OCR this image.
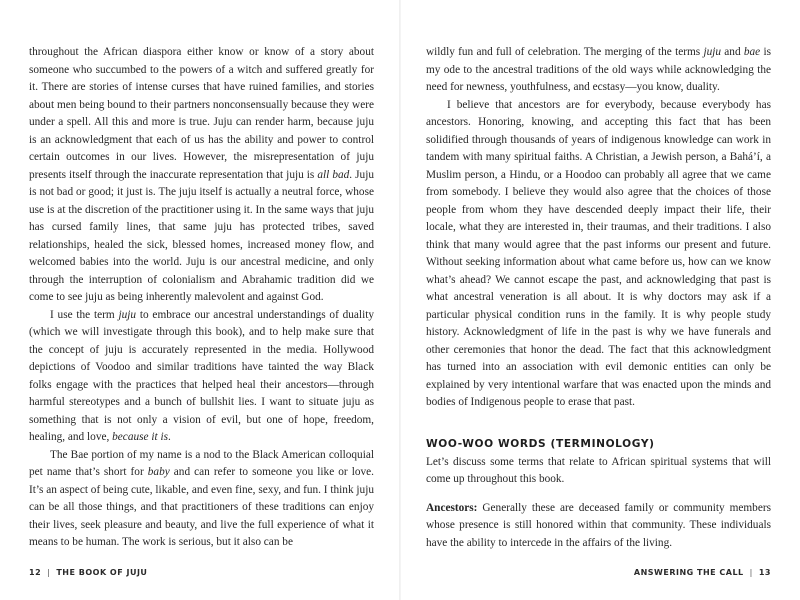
throughout the African diaspora either know or know of a story about someone who succumbed to the powers of a witch and suffered greatly for it. There are stories of intense curses that have ruined families, and stories about men being bound to their partners nonconsensually because they were under a spell. All this and more is true. Juju can render harm, because juju is an acknowledgment that each of us has the ability and power to control certain outcomes in our lives. However, the misrepresentation of juju presents itself through the inaccurate representation that juju is all bad. Juju is not bad or good; it just is. The juju itself is actually a neutral force, whose use is at the discretion of the practitioner using it. In the same ways that juju has cursed family lines, that same juju has protected tribes, saved relationships, healed the sick, blessed homes, increased money flow, and welcomed babies into the world. Juju is our ancestral medicine, and only through the interruption of colonialism and Abrahamic tradition did we come to see juju as being inherently malevolent and against God.

I use the term juju to embrace our ancestral understandings of duality (which we will investigate through this book), and to help make sure that the concept of juju is accurately represented in the media. Hollywood depictions of Voodoo and similar traditions have tainted the way Black folks engage with the practices that helped heal their ancestors—through harmful stereotypes and a bunch of bullshit lies. I want to situate juju as something that is not only a vision of evil, but one of hope, freedom, healing, and love, because it is.

The Bae portion of my name is a nod to the Black American colloquial pet name that’s short for baby and can refer to someone you like or love. It’s an aspect of being cute, likable, and even fine, sexy, and fun. I think juju can be all those things, and that practitioners of these traditions can enjoy their lives, seek pleasure and beauty, and live the full experience of what it means to be human. The work is serious, but it also can be

wildly fun and full of celebration. The merging of the terms juju and bae is my ode to the ancestral traditions of the old ways while acknowledging the need for newness, youthfulness, and ecstasy—you know, duality.

I believe that ancestors are for everybody, because everybody has ancestors. Honoring, knowing, and accepting this fact that has been solidified through thousands of years of indigenous knowledge can work in tandem with many spiritual faiths. A Christian, a Jewish person, a Bahá’í, a Muslim person, a Hindu, or a Hoodoo can probably all agree that we came from somebody. I believe they would also agree that the choices of those people from whom they have descended deeply impact their life, their locale, what they are interested in, their traumas, and their traditions. I also think that many would agree that the past informs our present and future. Without seeking information about what came before us, how can we know what’s ahead? We cannot escape the past, and acknowledging that past is what ancestral veneration is all about. It is why doctors may ask if a particular physical condition runs in the family. It is why people study history. Acknowledgment of life in the past is why we have funerals and other ceremonies that honor the dead. The fact that this acknowledgment has turned into an association with evil demonic entities can only be explained by very intentional warfare that was enacted upon the minds and bodies of Indigenous people to erase that past.

WOO-WOO WORDS (TERMINOLOGY)

Let’s discuss some terms that relate to African spiritual systems that will come up throughout this book.

Ancestors: Generally these are deceased family or community members whose presence is still honored within that community. These individuals have the ability to intercede in the affairs of the living.

12 | THE BOOK OF JUJU	ANSWERING THE CALL | 13
